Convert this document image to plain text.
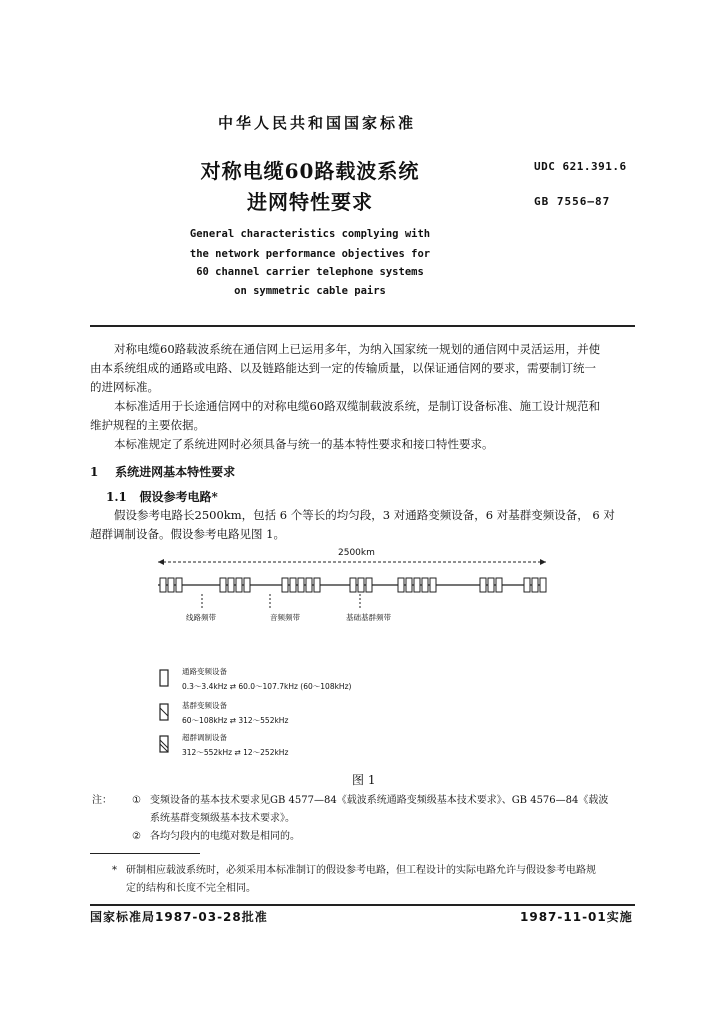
中华人民共和国国家标准
对称电缆60路载波系统
进网特性要求
UDC 621.391.6
GB 7556—87
General characteristics complying with
the network performance objectives for
60 channel carrier telephone systems
on symmetric cable pairs
对称电缆60路载波系统在通信网上已运用多年，为纳入国家统一规划的通信网中灵活运用，并使
由本系统组成的通路或电路、以及链路能达到一定的传输质量，以保证通信网的要求，需要制订统一
的进网标准。
本标准适用于长途通信网中的对称电缆60路双缆制载波系统，是制订设备标准、施工设计规范和
维护规程的主要依据。
本标准规定了系统进网时必须具备与统一的基本特性要求和接口特性要求。
1 系统进网基本特性要求
1.1 假设参考电路*
假设参考电路长2500km，包括 6 个等长的均匀段，3 对通路变频设备，6 对基群变频设备， 6 对
超群调制设备。假设参考电路见图 1。
2500km
线路频带	音频频带	基础基群频带
通路变频设备
0.3～3.4kHz ⇄ 60.0～107.7kHz (60～108kHz)
基群变频设备
60～108kHz ⇄ 312～552kHz
超群调制设备
312～552kHz ⇄ 12～252kHz
图 1
注： ① 变频设备的基本技术要求见GB 4577—84《载波系统通路变频级基本技术要求》、GB 4576—84《载波
系统基群变频级基本技术要求》。
② 各均匀段内的电缆对数是相同的。
* 研制相应载波系统时，必须采用本标准制订的假设参考电路，但工程设计的实际电路允许与假设参考电路规
定的结构和长度不完全相同。
国家标准局1987-03-28批准	1987-11-01实施
